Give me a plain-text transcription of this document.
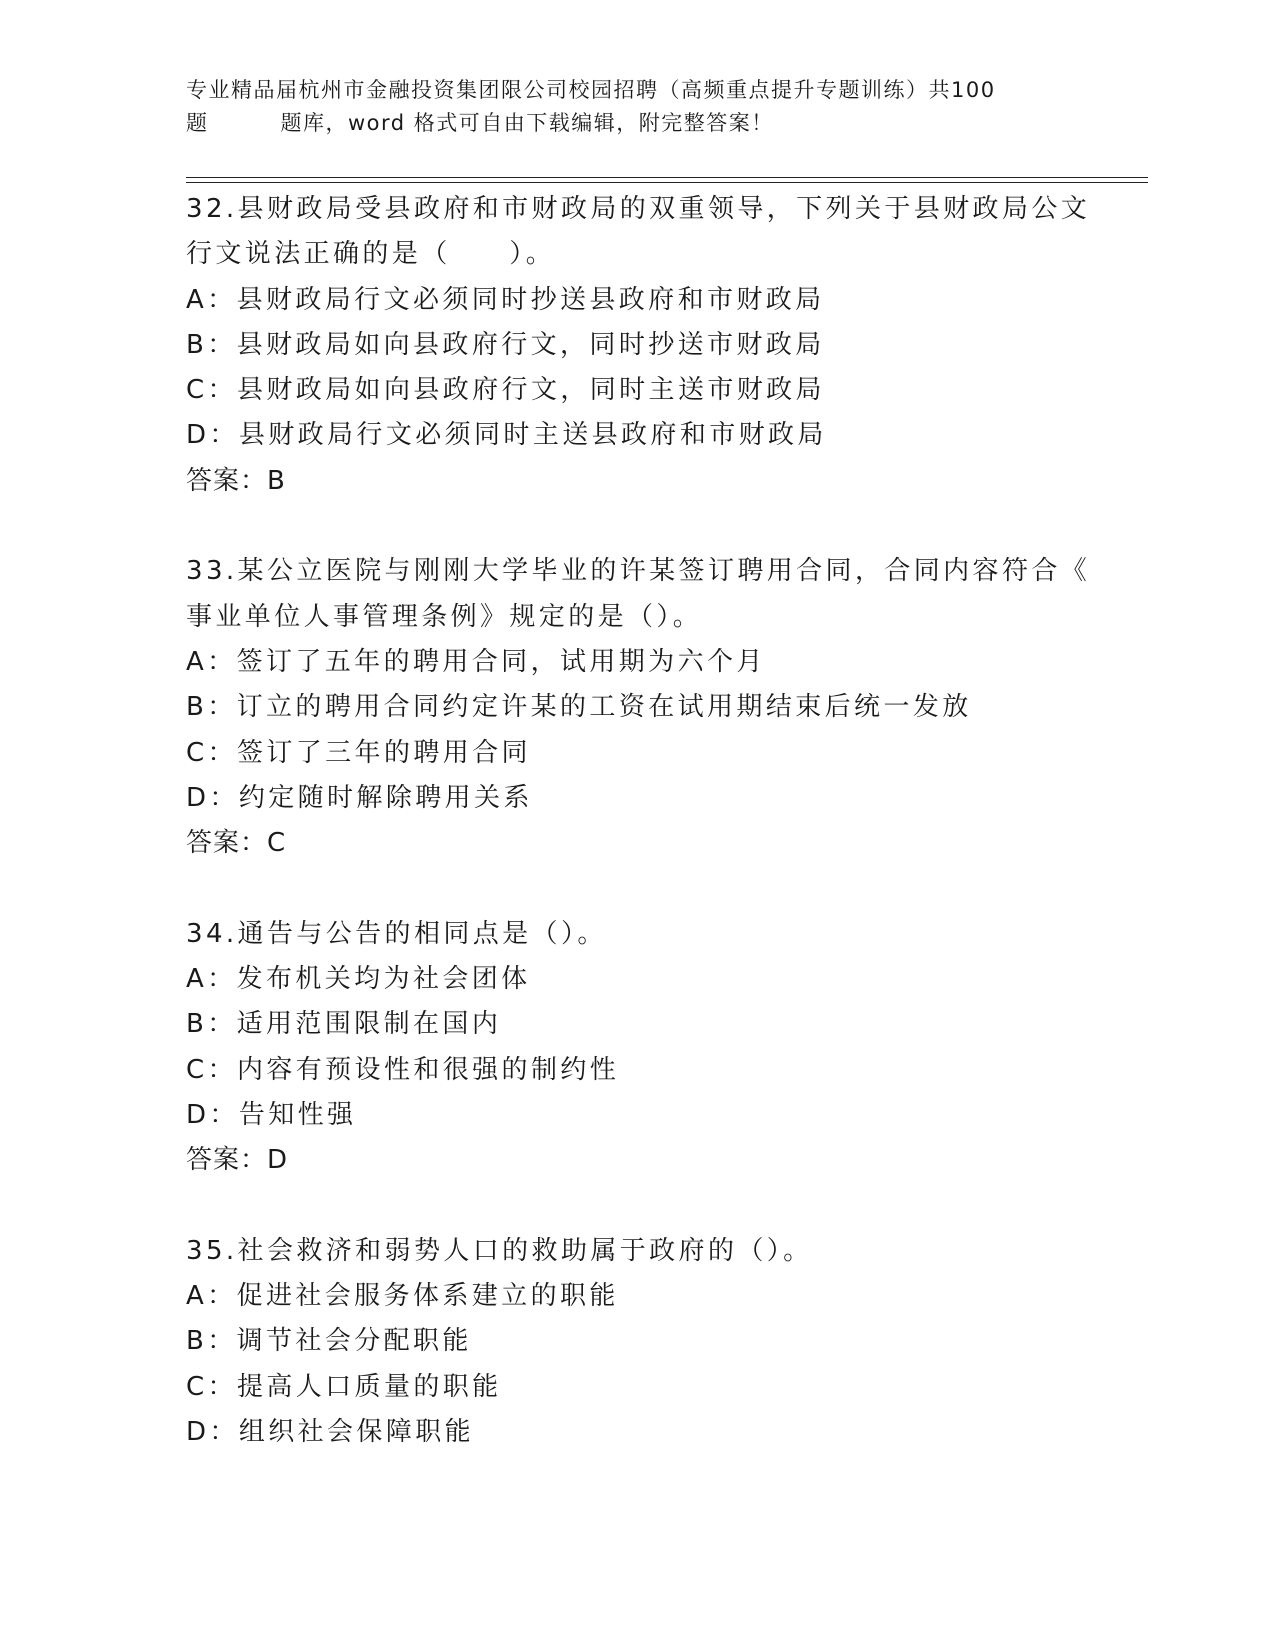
专业精品届杭州市金融投资集团限公司校园招聘（高频重点提升专题训练）共100
题	题库，word 格式可自由下载编辑，附完整答案！
32.县财政局受县政府和市财政局的双重领导，下列关于县财政局公文
行文说法正确的是（　　）。
A：县财政局行文必须同时抄送县政府和市财政局
B：县财政局如向县政府行文，同时抄送市财政局
C：县财政局如向县政府行文，同时主送市财政局
D：县财政局行文必须同时主送县政府和市财政局
答案：B
33.某公立医院与刚刚大学毕业的许某签订聘用合同，合同内容符合《
事业单位人事管理条例》规定的是（）。
A：签订了五年的聘用合同，试用期为六个月
B：订立的聘用合同约定许某的工资在试用期结束后统一发放
C：签订了三年的聘用合同
D：约定随时解除聘用关系
答案：C
34.通告与公告的相同点是（）。
A：发布机关均为社会团体
B：适用范围限制在国内
C：内容有预设性和很强的制约性
D：告知性强
答案：D
35.社会救济和弱势人口的救助属于政府的（）。
A：促进社会服务体系建立的职能
B：调节社会分配职能
C：提高人口质量的职能
D：组织社会保障职能
